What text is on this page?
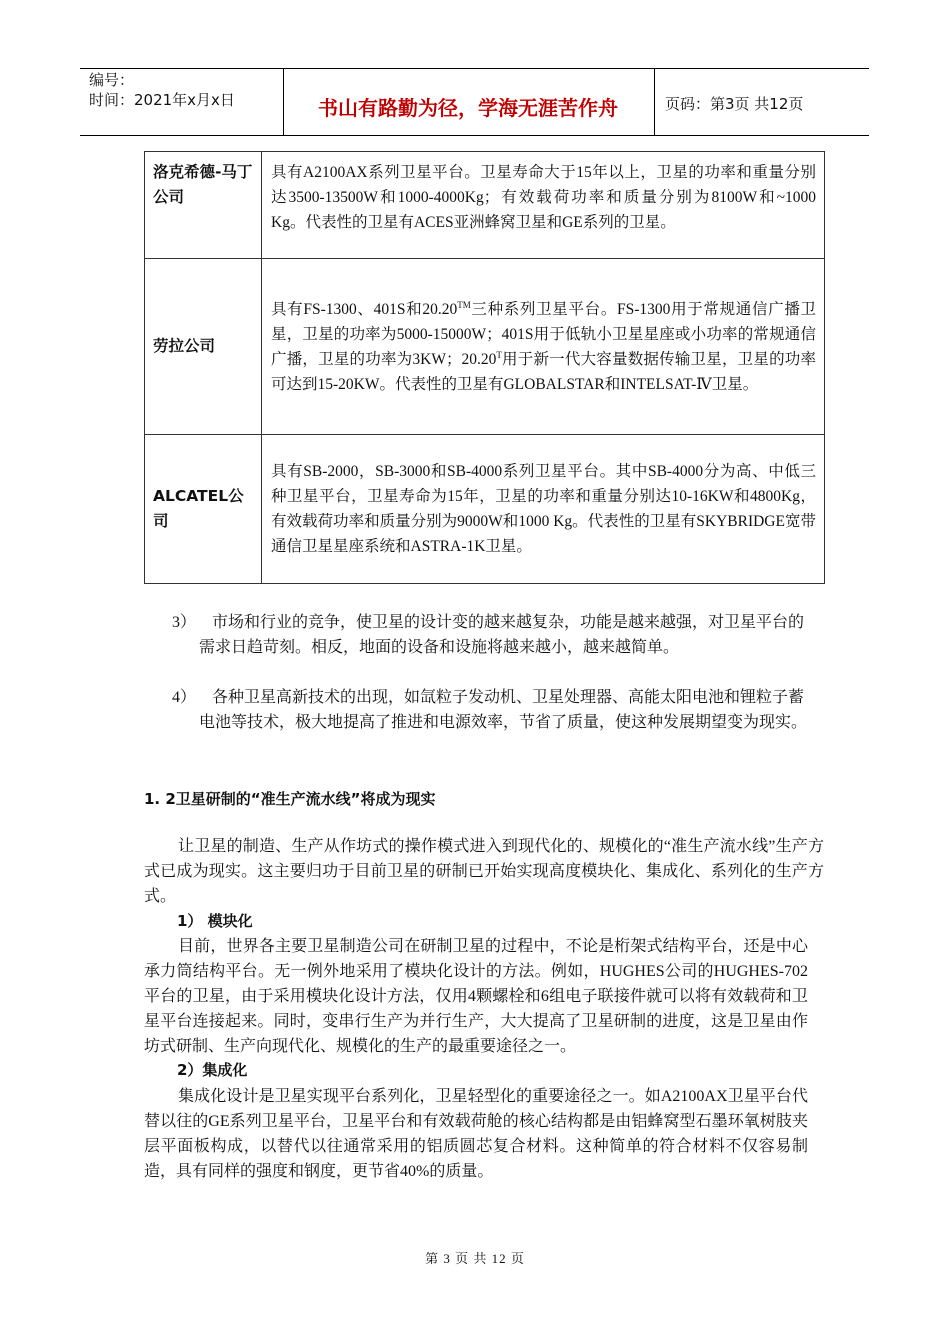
编号：
时间：2021年x月x日	书山有路勤为径，学海无涯苦作舟	页码：第3页 共12页
洛克希德-马丁公司	具有A2100AX系列卫星平台。卫星寿命大于15年以上，卫星的功率和重量分别达3500-13500W和1000-4000Kg；有效载荷功率和质量分别为8100W和~1000 Kg。代表性的卫星有ACES亚洲蜂窝卫星和GE系列的卫星。
劳拉公司	具有FS-1300、401S和20.20™三种系列卫星平台。FS-1300用于常规通信广播卫星，卫星的功率为5000-15000W；401S用于低轨小卫星星座或小功率的常规通信广播，卫星的功率为3KW；$20.20^T$用于新一代大容量数据传输卫星，卫星的功率可达到15-20KW。代表性的卫星有GLOBALSTAR和INTELSAT-Ⅳ卫星。
ALCATEL公司	具有SB-2000，SB-3000和SB-4000系列卫星平台。其中SB-4000分为高、中低三种卫星平台，卫星寿命为15年，卫星的功率和重量分别达10-16KW和4800Kg，有效载荷功率和质量分别为9000W和1000 Kg。代表性的卫星有SKYBRIDGE宽带通信卫星星座系统和ASTRA-1K卫星。
3） 市场和行业的竞争，使卫星的设计变的越来越复杂，功能是越来越强，对卫星平台的需求日趋苛刻。相反，地面的设备和设施将越来越小，越来越简单。
4） 各种卫星高新技术的出现，如氙粒子发动机、卫星处理器、高能太阳电池和锂粒子蓄电池等技术，极大地提高了推进和电源效率，节省了质量，使这种发展期望变为现实。
1. 2卫星研制的“准生产流水线”将成为现实
让卫星的制造、生产从作坊式的操作模式进入到现代化的、规模化的“准生产流水线”生产方式已成为现实。这主要归功于目前卫星的研制已开始实现高度模块化、集成化、系列化的生产方式。
1） 模块化
目前，世界各主要卫星制造公司在研制卫星的过程中，不论是桁架式结构平台，还是中心承力筒结构平台。无一例外地采用了模块化设计的方法。例如，HUGHES公司的HUGHES-702平台的卫星，由于采用模块化设计方法，仅用4颗螺栓和6组电子联接件就可以将有效载荷和卫星平台连接起来。同时，变串行生产为并行生产，大大提高了卫星研制的进度，这是卫星由作坊式研制、生产向现代化、规模化的生产的最重要途径之一。
2）集成化
集成化设计是卫星实现平台系列化，卫星轻型化的重要途径之一。如A2100AX卫星平台代替以往的GE系列卫星平台，卫星平台和有效载荷舱的核心结构都是由铝蜂窝型石墨环氧树肢夹层平面板构成，以替代以往通常采用的铝质圆芯复合材料。这种简单的符合材料不仅容易制造，具有同样的强度和钢度，更节省40%的质量。
第 3 页 共 12 页
